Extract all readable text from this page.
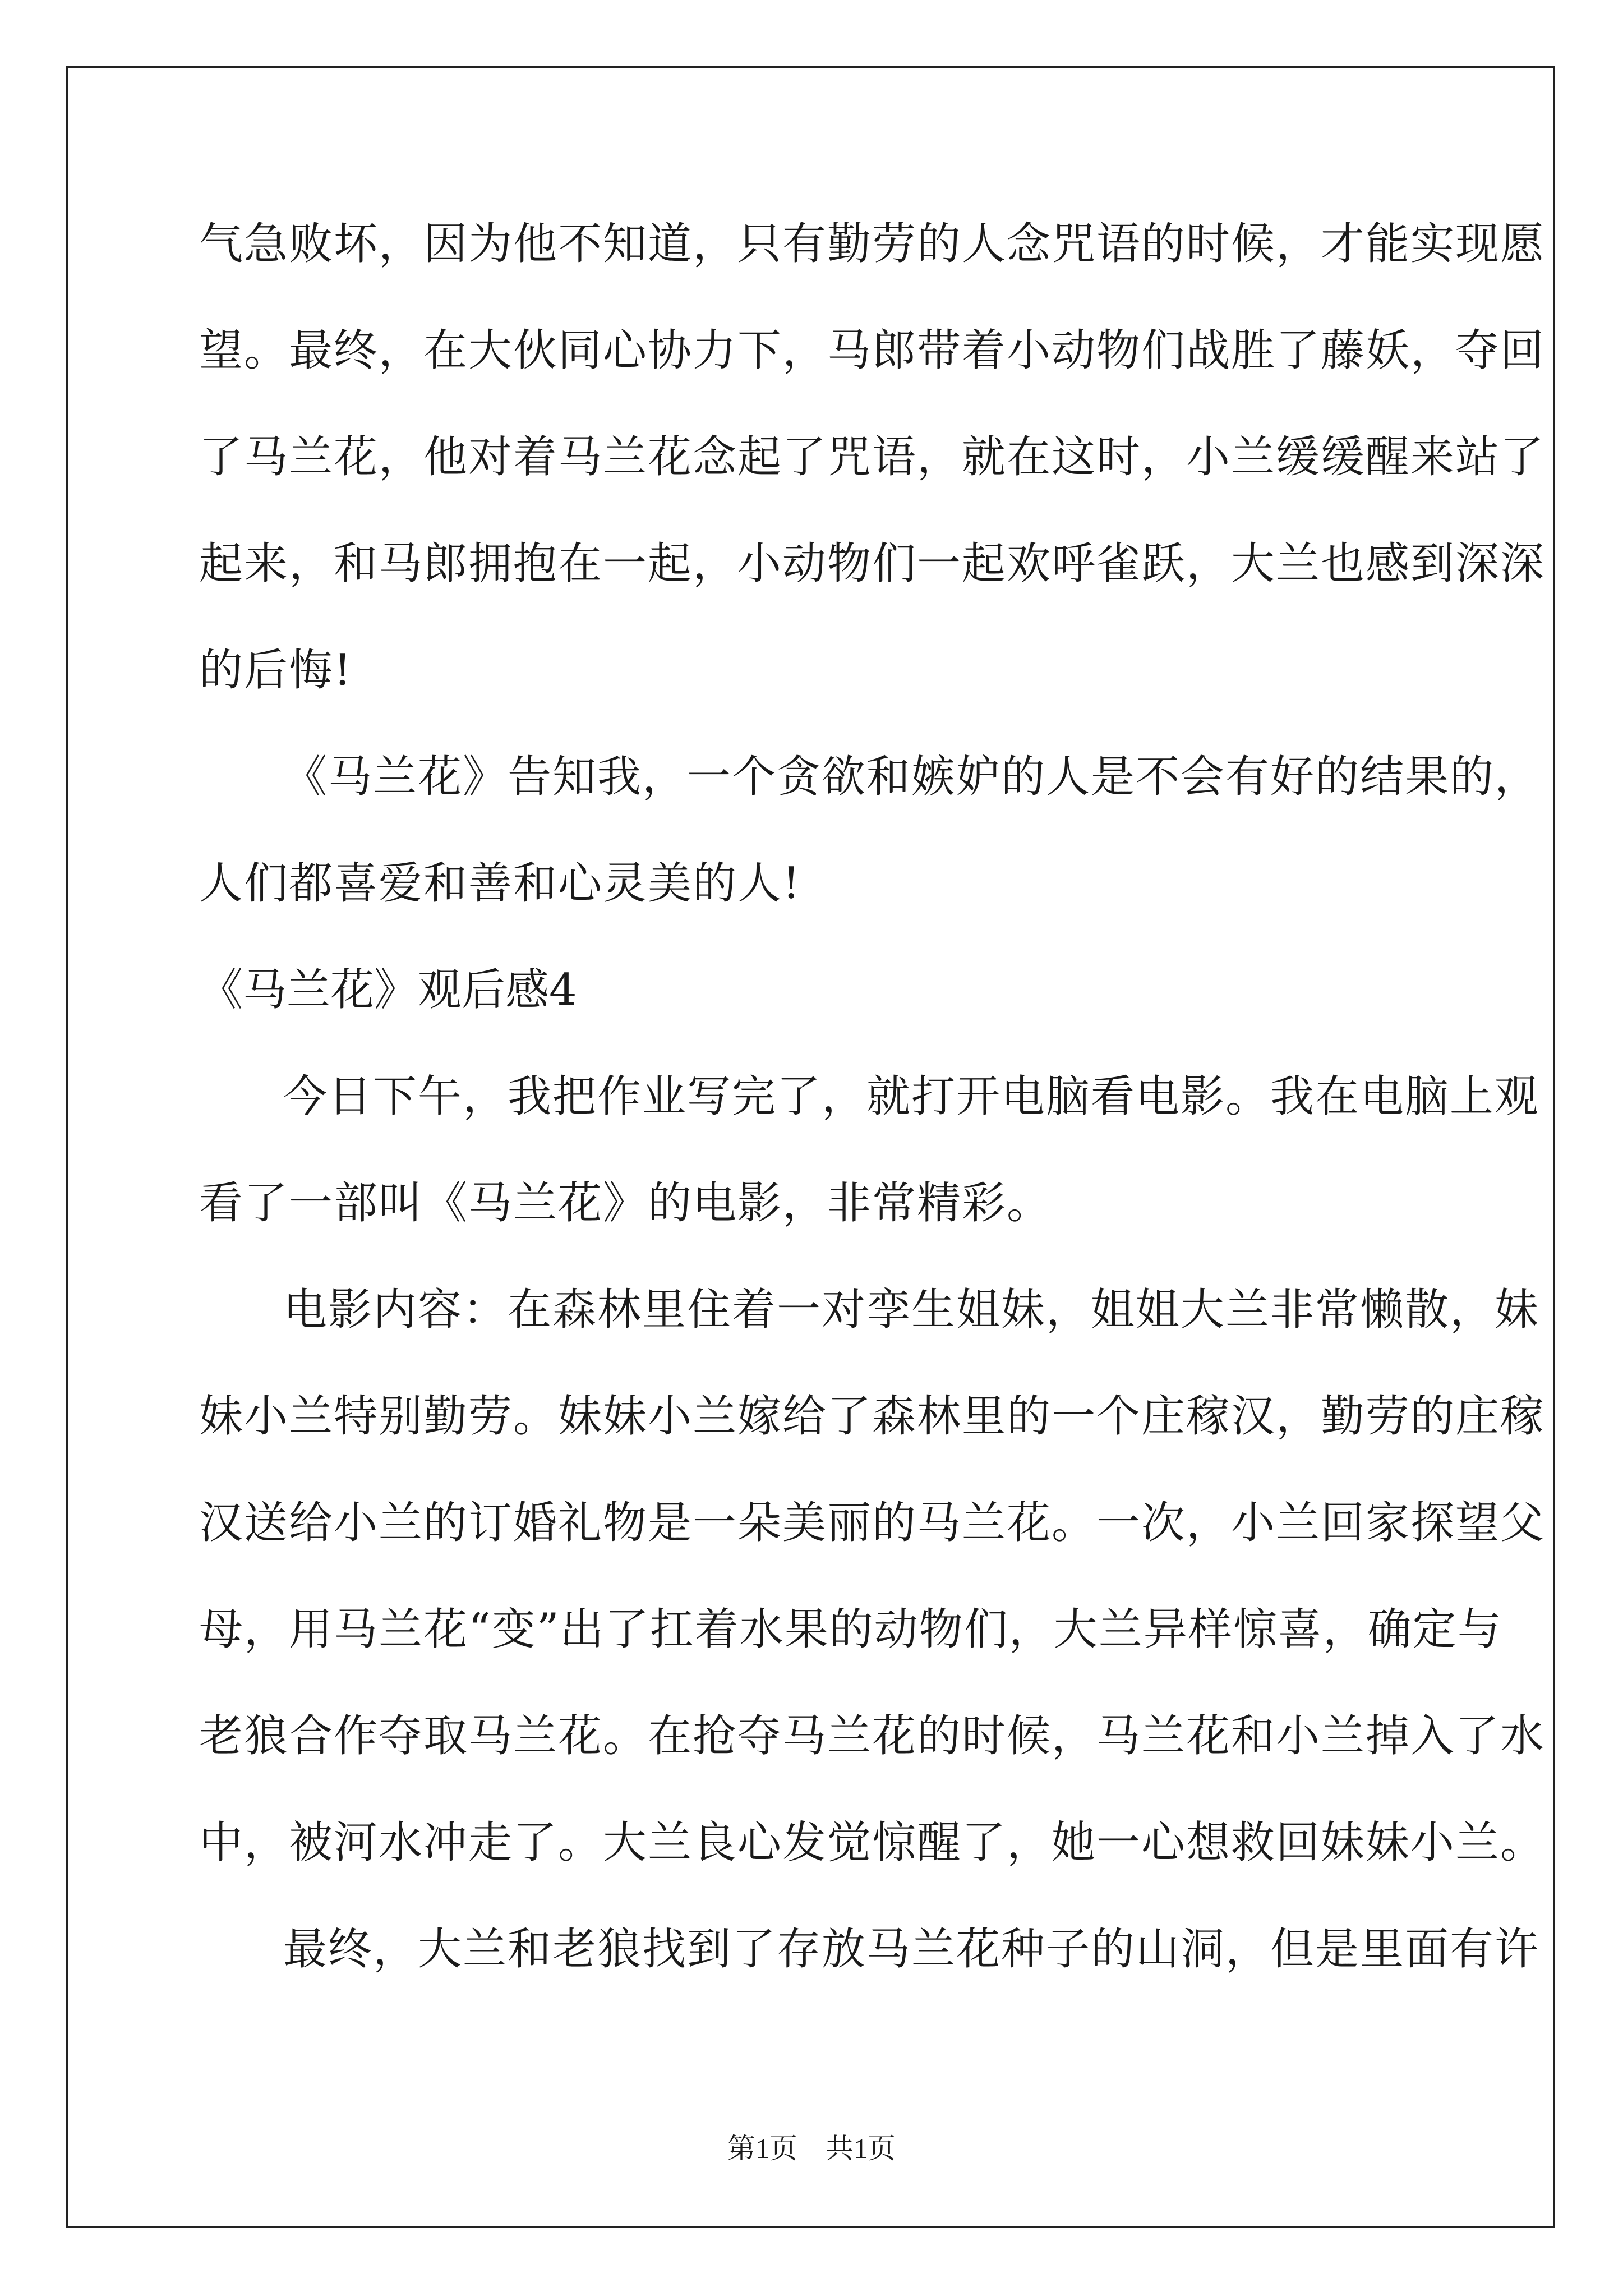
气急败坏，因为他不知道，只有勤劳的人念咒语的时候，才能实现愿
望。最终，在大伙同心协力下，马郎带着小动物们战胜了藤妖，夺回
了马兰花，他对着马兰花念起了咒语，就在这时，小兰缓缓醒来站了
起来，和马郎拥抱在一起，小动物们一起欢呼雀跃，大兰也感到深深
的后悔!
《马兰花》告知我，一个贪欲和嫉妒的人是不会有好的结果的，
人们都喜爱和善和心灵美的人!
《马兰花》观后感4
今日下午，我把作业写完了，就打开电脑看电影。我在电脑上观
看了一部叫《马兰花》的电影，非常精彩。
电影内容：在森林里住着一对孪生姐妹，姐姐大兰非常懒散，妹
妹小兰特别勤劳。妹妹小兰嫁给了森林里的一个庄稼汉，勤劳的庄稼
汉送给小兰的订婚礼物是一朵美丽的马兰花。一次，小兰回家探望父
母，用马兰花“变”出了扛着水果的动物们，大兰异样惊喜，确定与
老狼合作夺取马兰花。在抢夺马兰花的时候，马兰花和小兰掉入了水
中，被河水冲走了。大兰良心发觉惊醒了，她一心想救回妹妹小兰。
最终，大兰和老狼找到了存放马兰花种子的山洞，但是里面有许
第1页　共1页
